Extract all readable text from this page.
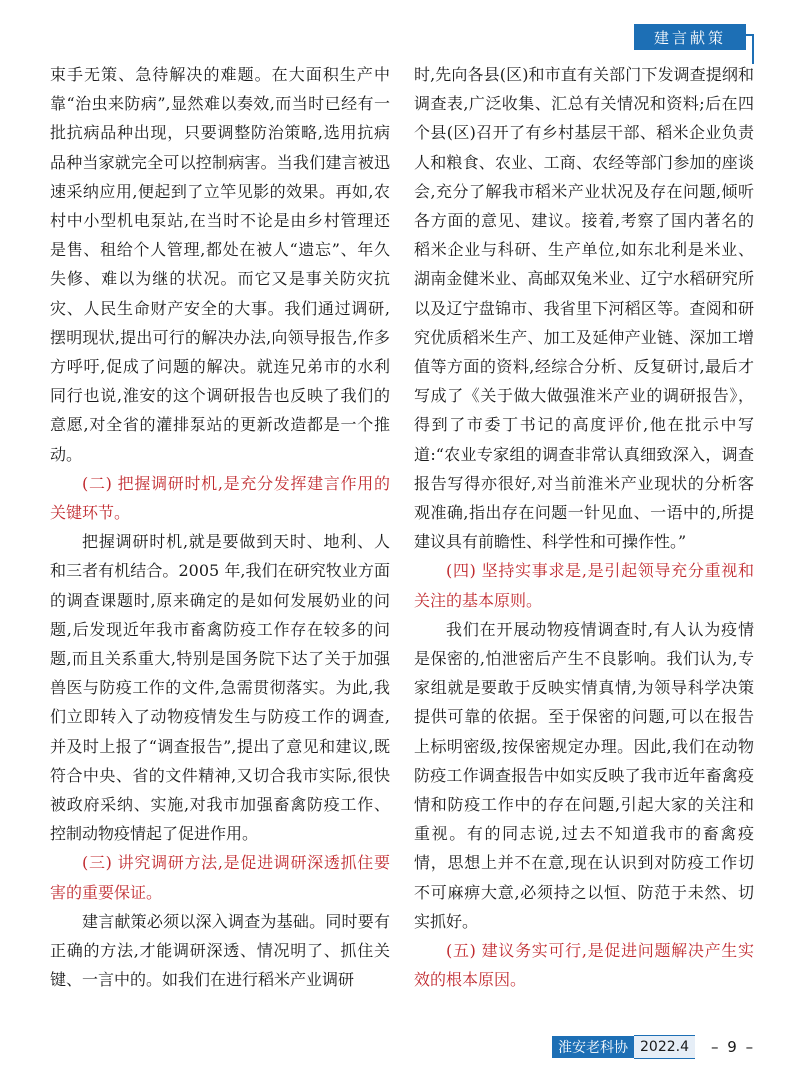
建言献策

束手无策、急待解决的难题。在大面积生产中靠“治虫来防病”,显然难以奏效,而当时已经有一批抗病品种出现，只要调整防治策略,选用抗病品种当家就完全可以控制病害。当我们建言被迅速采纳应用,便起到了立竿见影的效果。再如,农村中小型机电泵站,在当时不论是由乡村管理还是售、租给个人管理,都处在被人“遗忘”、年久失修、难以为继的状况。而它又是事关防灾抗灾、人民生命财产安全的大事。我们通过调研,摆明现状,提出可行的解决办法,向领导报告,作多方呼吁,促成了问题的解决。就连兄弟市的水利同行也说,淮安的这个调研报告也反映了我们的意愿,对全省的灌排泵站的更新改造都是一个推动。

(二) 把握调研时机,是充分发挥建言作用的关键环节。

把握调研时机,就是要做到天时、地利、人和三者有机结合。2005 年,我们在研究牧业方面的调查课题时,原来确定的是如何发展奶业的问题,后发现近年我市畜禽防疫工作存在较多的问题,而且关系重大,特别是国务院下达了关于加强兽医与防疫工作的文件,急需贯彻落实。为此,我们立即转入了动物疫情发生与防疫工作的调查,并及时上报了“调查报告”,提出了意见和建议,既符合中央、省的文件精神,又切合我市实际,很快被政府采纳、实施,对我市加强畜禽防疫工作、控制动物疫情起了促进作用。

(三) 讲究调研方法,是促进调研深透抓住要害的重要保证。

建言献策必须以深入调查为基础。同时要有正确的方法,才能调研深透、情况明了、抓住关键、一言中的。如我们在进行稻米产业调研

时,先向各县(区)和市直有关部门下发调查提纲和调查表,广泛收集、汇总有关情况和资料;后在四个县(区)召开了有乡村基层干部、稻米企业负责人和粮食、农业、工商、农经等部门参加的座谈会,充分了解我市稻米产业状况及存在问题,倾听各方面的意见、建议。接着,考察了国内著名的稻米企业与科研、生产单位,如东北利是米业、湖南金健米业、高邮双兔米业、辽宁水稻研究所以及辽宁盘锦市、我省里下河稻区等。查阅和研究优质稻米生产、加工及延伸产业链、深加工增值等方面的资料,经综合分析、反复研讨,最后才写成了《关于做大做强淮米产业的调研报告》，得到了市委丁书记的高度评价,他在批示中写道:“农业专家组的调查非常认真细致深入，调查报告写得亦很好,对当前淮米产业现状的分析客观准确,指出存在问题一针见血、一语中的,所提建议具有前瞻性、科学性和可操作性。”

(四) 坚持实事求是,是引起领导充分重视和关注的基本原则。

我们在开展动物疫情调查时,有人认为疫情是保密的,怕泄密后产生不良影响。我们认为,专家组就是要敢于反映实情真情,为领导科学决策提供可靠的依据。至于保密的问题,可以在报告上标明密级,按保密规定办理。因此,我们在动物防疫工作调查报告中如实反映了我市近年畜禽疫情和防疫工作中的存在问题,引起大家的关注和重视。有的同志说,过去不知道我市的畜禽疫情，思想上并不在意,现在认识到对防疫工作切不可麻痹大意,必须持之以恒、防范于未然、切实抓好。

(五) 建议务实可行,是促进问题解决产生实效的根本原因。

淮安老科协 2022.4	– 9 –
